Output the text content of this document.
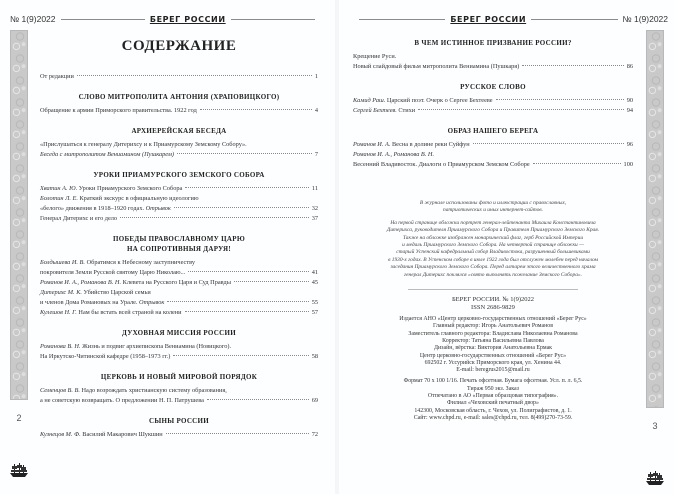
№ 1(9)2022	БЕРЕГ РОССИИ
2
СОДЕРЖАНИЕ
От редакции	1
СЛОВО МИТРОПОЛИТА АНТОНИЯ (ХРАПОВИЦКОГО)
Обращение к армии Приморского правительства. 1922 год	4
АРХИЕРЕЙСКАЯ БЕСЕДА
«Прислушаться к генералу Дитерихсу и к Приамурскому Земскому Собору».
Беседа с митрополитом Вениамином (Пушкарем)	7
УРОКИ ПРИАМУРСКОГО ЗЕМСКОГО СОБОРА
Хватин А. Ю. Уроки Приамурского Земского Собора	11
Болотин Л. Е. Краткий экскурс в официальную идеологию
«белого» движения в 1918–1920 годах. Отрывок	32
Генерал Дитерихс и его дело	37
ПОБЕДЫ ПРАВОСЛАВНОМУ ЦАРЮ
НА СОПРОТИВНЫЯ ДАРУЯ!
Болдышева И. В. Обратимся к Небесному заступничеству
покровителя Земли Русской святому Царю Николаю...	41
Романов И. А., Романова В. Н. Клевета на Русского Царя и Суд Правды	45
Дитерихс М. К. Убийство Царской семьи
и членов Дома Романовых на Урале. Отрывок	55
Кулешов Н. Г. Нам бы встать всей страной на колени	57
ДУХОВНАЯ МИССИЯ РОССИИ
Романова В. Н. Жизнь и подвиг архиепископа Вениамина (Новицкого).
На Иркутско-Читинской кафедре (1958–1973 гг.)	58
ЦЕРКОВЬ И НОВЫЙ МИРОВОЙ ПОРЯДОК
Семенцов В. В. Надо возрождать христианскую систему образования,
а не советскую возвращать. О предложении Н. П. Патрушева	69
СЫНЫ РОССИИ
Кузнецов М. Ф. Василий Макарович Шукшин	72
БЕРЕГ РОССИИ	№ 1(9)2022
3
В ЧЕМ ИСТИННОЕ ПРИЗВАНИЕ РОССИИ?
Крещение Руси.
Новый слайдовый фильм митрополита Вениамина (Пушкаря)	86
РУССКОЕ СЛОВО
Камид Раш. Царский поэт. Очерк о Сергее Бехтееве	90
Сергей Бехтеев. Стихи	94
ОБРАЗ НАШЕГО БЕРЕГА
Романов И. А. Весна в долине реки Суйфун	96
Романов И. А., Романова В. Н.
Весенний Владивосток. Диалоги о Приамурском Земском Соборе	100
В журнале использованы фото и иллюстрации с православных,
патриотических и иных интернет-сайтов.
На первой странице обложки портрет генерал-лейтенанта Михаила Константиновича
Дитерихса, руководителя Приамурского Собора и Правителя Приамурского Земского Края.
Также на обложке изображен монархический флаг, герб Российской Империи
и медаль Приамурского Земского Собора. На четвертой странице обложки —
старый Успенский кафедральный собор Владивостока, разрушенный большевиками
в 1930-х годах. В Успенском соборе в июле 1922 года был отслужен молебен перед началом
заседания Приамурского Земского Собора. Перед алтарем этого величественного храма
генерал Дитерихс поклялся «свято выполнять пожелание Земского Собора».
БЕРЕГ РОССИИ. № 1(9)2022
ISSN 2686-9829
Издается АНО «Центр церковно-государственных отношений «Берег Рус»
Главный редактор: Игорь Анатольевич Романов
Заместитель главного редактора: Владислава Николаевна Романова
Корректор: Татьяна Васильевна Павлова
Дизайн, вёрстка: Виктория Анатольевна Ермак
Центр церковно-государственных отношений «Берег Рус»
692502 г. Уссурийск Приморского края, ул. Хенина 44.
E-mail: beregrus2015@mail.ru
Формат 70 х 100 1/16. Печать офсетная. Бумага офсетная. Усл. п. л. 6,5.
Тираж 950 экз. Заказ
Отпечатано в АО «Первая образцовая типография».
Филиал «Чеховский печатный двор»
142300, Московская область, г. Чехов, ул. Полиграфистов, д. 1.
Сайт: www.chpd.ru, e-mail: sales@chpd.ru, тел. 8(499)270-73-59.
